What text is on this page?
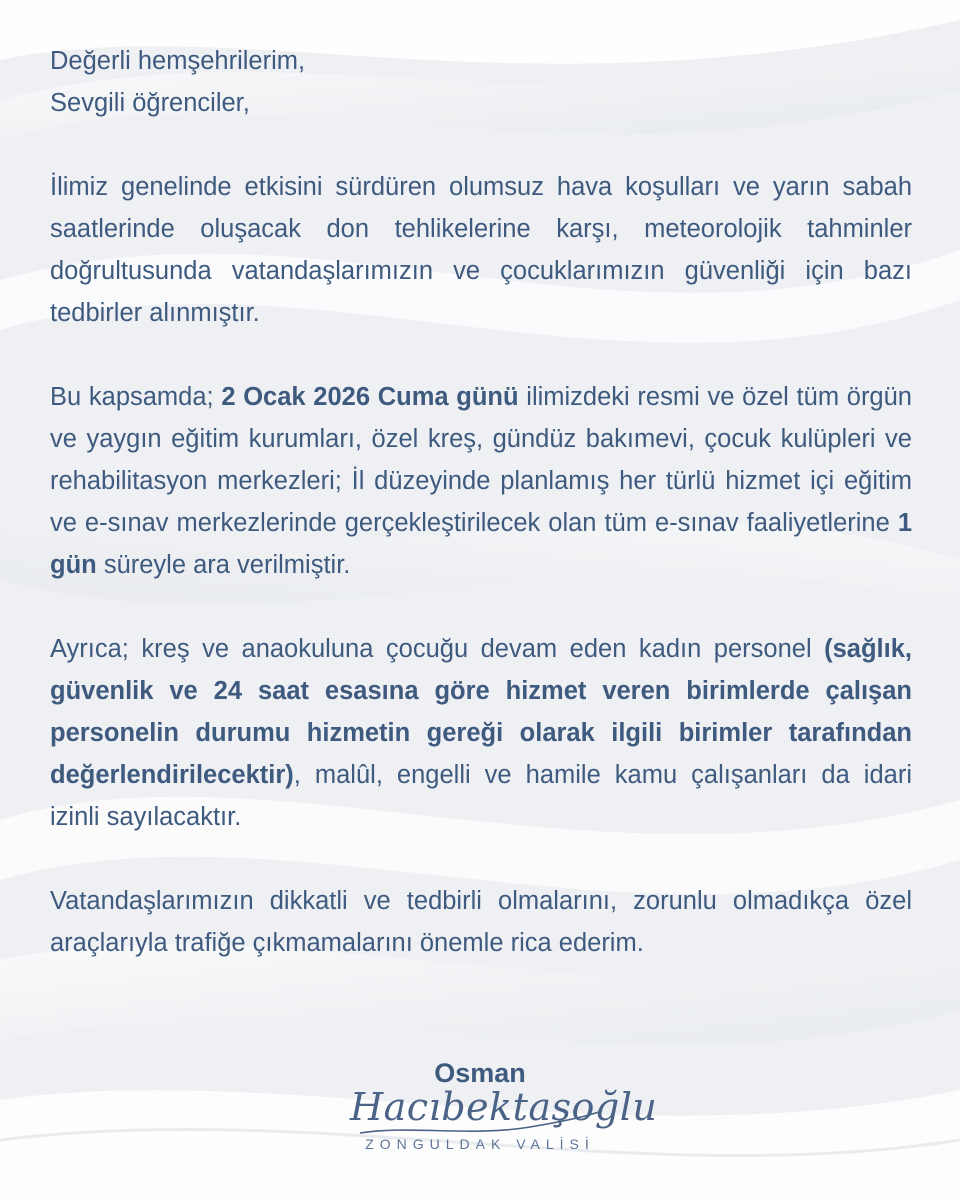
Değerli hemşehrilerim,

Sevgili öğrenciler,

İlimiz genelinde etkisini sürdüren olumsuz hava koşulları ve yarın sabah saatlerinde oluşacak don tehlikelerine karşı, meteorolojik tahminler doğrultusunda vatandaşlarımızın ve çocuklarımızın güvenliği için bazı tedbirler alınmıştır.

Bu kapsamda; 2 Ocak 2026 Cuma günü ilimizdeki resmi ve özel tüm örgün ve yaygın eğitim kurumları, özel kreş, gündüz bakımevi, çocuk kulüpleri ve rehabilitasyon merkezleri; İl düzeyinde planlamış her türlü hizmet içi eğitim ve e-sınav merkezlerinde gerçekleştirilecek olan tüm e-sınav faaliyetlerine 1 gün süreyle ara verilmiştir.

Ayrıca; kreş ve anaokuluna çocuğu devam eden kadın personel (sağlık, güvenlik ve 24 saat esasına göre hizmet veren birimlerde çalışan personelin durumu hizmetin gereği olarak ilgili birimler tarafından değerlendirilecektir), malûl, engelli ve hamile kamu çalışanları da idari izinli sayılacaktır.

Vatandaşlarımızın dikkatli ve tedbirli olmalarını, zorunlu olmadıkça özel araçlarıyla trafiğe çıkmamalarını önemle rica ederim.

Osman
Hacıbektaşoğlu
ZONGULDAK VALİSİ
